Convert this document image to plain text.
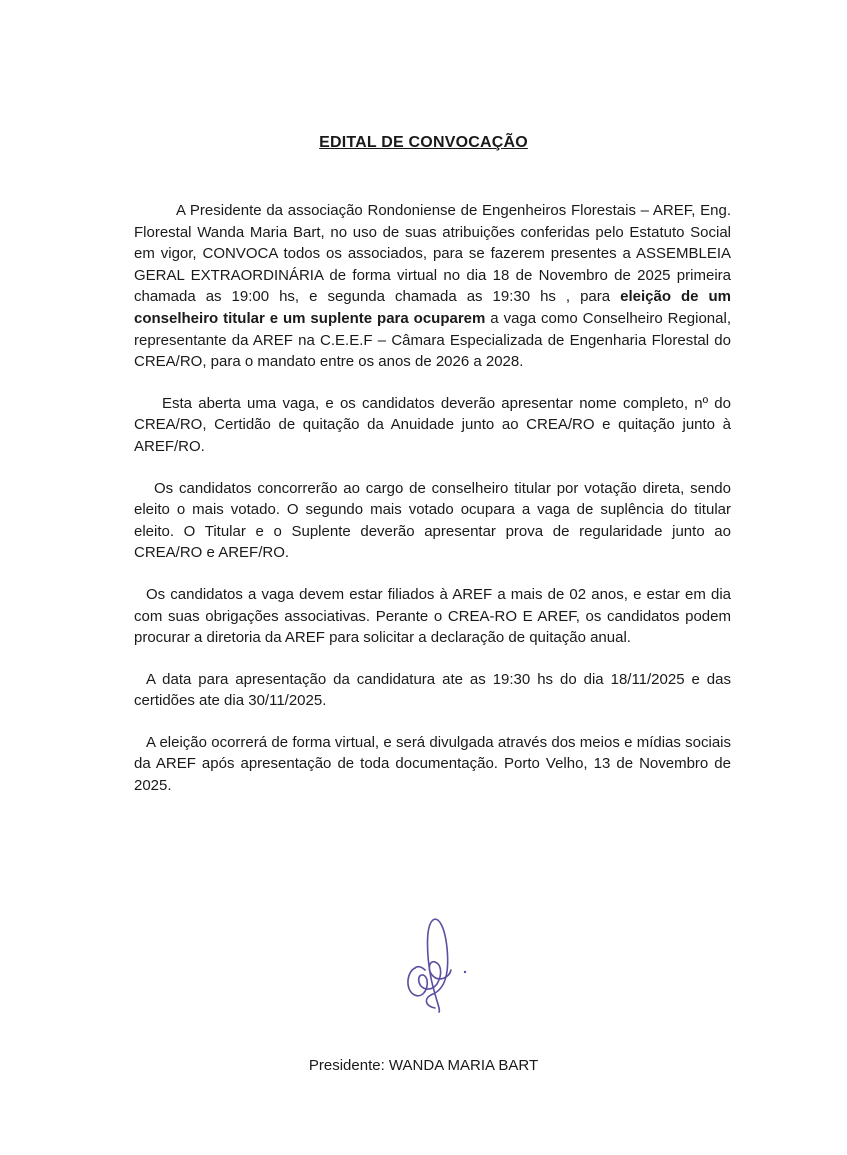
EDITAL DE CONVOCAÇÃO

A Presidente da associação Rondoniense de Engenheiros Florestais – AREF, Eng. Florestal Wanda Maria Bart, no uso de suas atribuições conferidas pelo Estatuto Social em vigor, CONVOCA todos os associados, para se fazerem presentes a ASSEMBLEIA GERAL EXTRAORDINÁRIA de forma virtual no dia 18 de Novembro de 2025 primeira chamada as 19:00 hs, e segunda chamada as 19:30 hs , para eleição de um conselheiro titular e um suplente para ocuparem a vaga como Conselheiro Regional, representante da AREF na C.E.E.F – Câmara Especializada de Engenharia Florestal do CREA/RO, para o mandato entre os anos de 2026 a 2028.

Esta aberta uma vaga, e os candidatos deverão apresentar nome completo, nº do CREA/RO, Certidão de quitação da Anuidade junto ao CREA/RO e quitação junto à AREF/RO.

Os candidatos concorrerão ao cargo de conselheiro titular por votação direta, sendo eleito o mais votado. O segundo mais votado ocupara a vaga de suplência do titular eleito. O Titular e o Suplente deverão apresentar prova de regularidade junto ao CREA/RO e AREF/RO.

Os candidatos a vaga devem estar filiados à AREF a mais de 02 anos, e estar em dia com suas obrigações associativas. Perante o CREA-RO E AREF, os candidatos podem procurar a diretoria da AREF para solicitar a declaração de quitação anual.

A data para apresentação da candidatura ate as 19:30 hs do dia 18/11/2025 e das certidões ate dia 30/11/2025.

A eleição ocorrerá de forma virtual, e será divulgada através dos meios e mídias sociais da AREF após apresentação de toda documentação. Porto Velho, 13 de Novembro de 2025.

Presidente: WANDA MARIA BART
